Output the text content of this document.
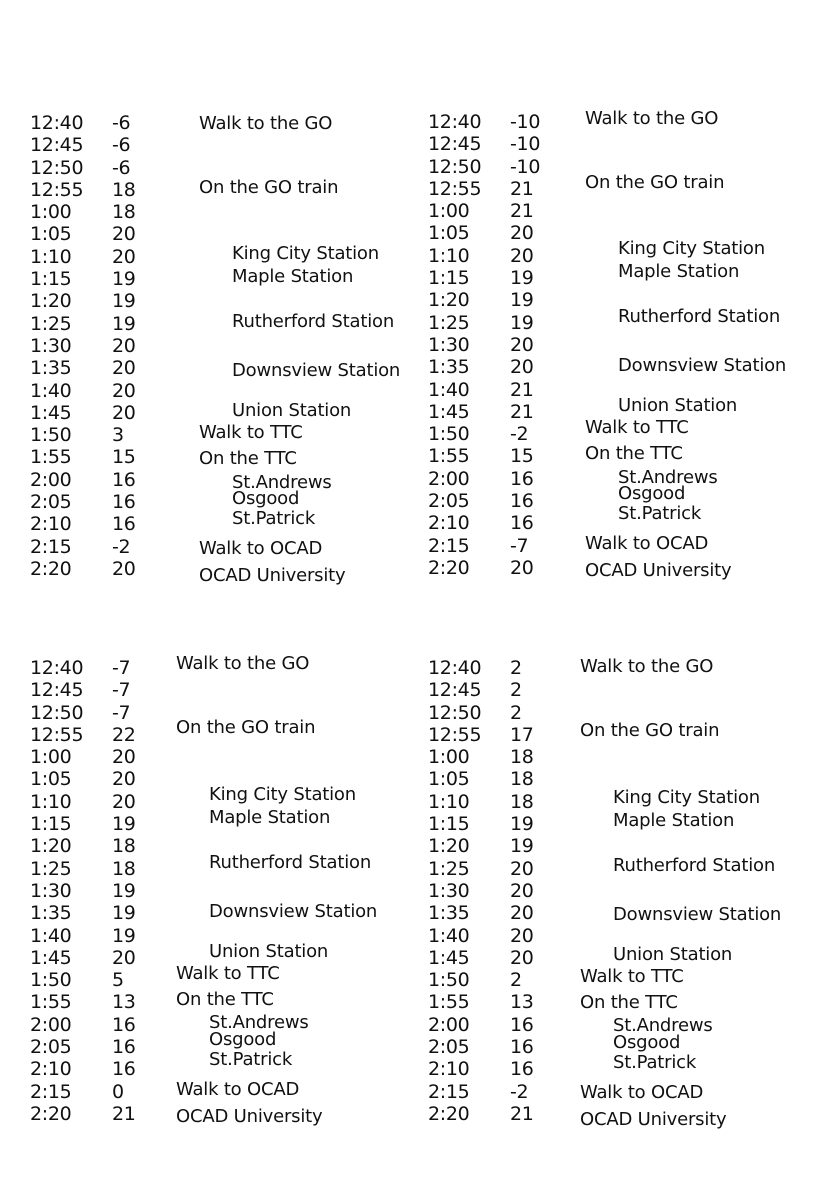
12:40
12:45
12:50
12:55
1:00
1:05
1:10
1:15
1:20
1:25
1:30
1:35
1:40
1:45
1:50
1:55
2:00
2:05
2:10
2:15
2:20
-6
-6
-6
18
18
20
20
19
19
19
20
20
20
20
3
15
16
16
16
-2
20
Walk to the GO
On the GO train
King City Station
Maple Station
Rutherford Station
Downsview Station
Union Station
Walk to TTC
On the TTC
St.Andrews
Osgood
St.Patrick
Walk to OCAD
OCAD University
12:40
12:45
12:50
12:55
1:00
1:05
1:10
1:15
1:20
1:25
1:30
1:35
1:40
1:45
1:50
1:55
2:00
2:05
2:10
2:15
2:20
-10
-10
-10
21
21
20
20
19
19
19
20
20
21
21
-2
15
16
16
16
-7
20
Walk to the GO
On the GO train
King City Station
Maple Station
Rutherford Station
Downsview Station
Union Station
Walk to TTC
On the TTC
St.Andrews
Osgood
St.Patrick
Walk to OCAD
OCAD University
12:40
12:45
12:50
12:55
1:00
1:05
1:10
1:15
1:20
1:25
1:30
1:35
1:40
1:45
1:50
1:55
2:00
2:05
2:10
2:15
2:20
-7
-7
-7
22
20
20
20
19
18
18
19
19
19
20
5
13
16
16
16
0
21
Walk to the GO
On the GO train
King City Station
Maple Station
Rutherford Station
Downsview Station
Union Station
Walk to TTC
On the TTC
St.Andrews
Osgood
St.Patrick
Walk to OCAD
OCAD University
12:40
12:45
12:50
12:55
1:00
1:05
1:10
1:15
1:20
1:25
1:30
1:35
1:40
1:45
1:50
1:55
2:00
2:05
2:10
2:15
2:20
2
2
2
17
18
18
18
19
19
20
20
20
20
20
2
13
16
16
16
-2
21
Walk to the GO
On the GO train
King City Station
Maple Station
Rutherford Station
Downsview Station
Union Station
Walk to TTC
On the TTC
St.Andrews
Osgood
St.Patrick
Walk to OCAD
OCAD University
